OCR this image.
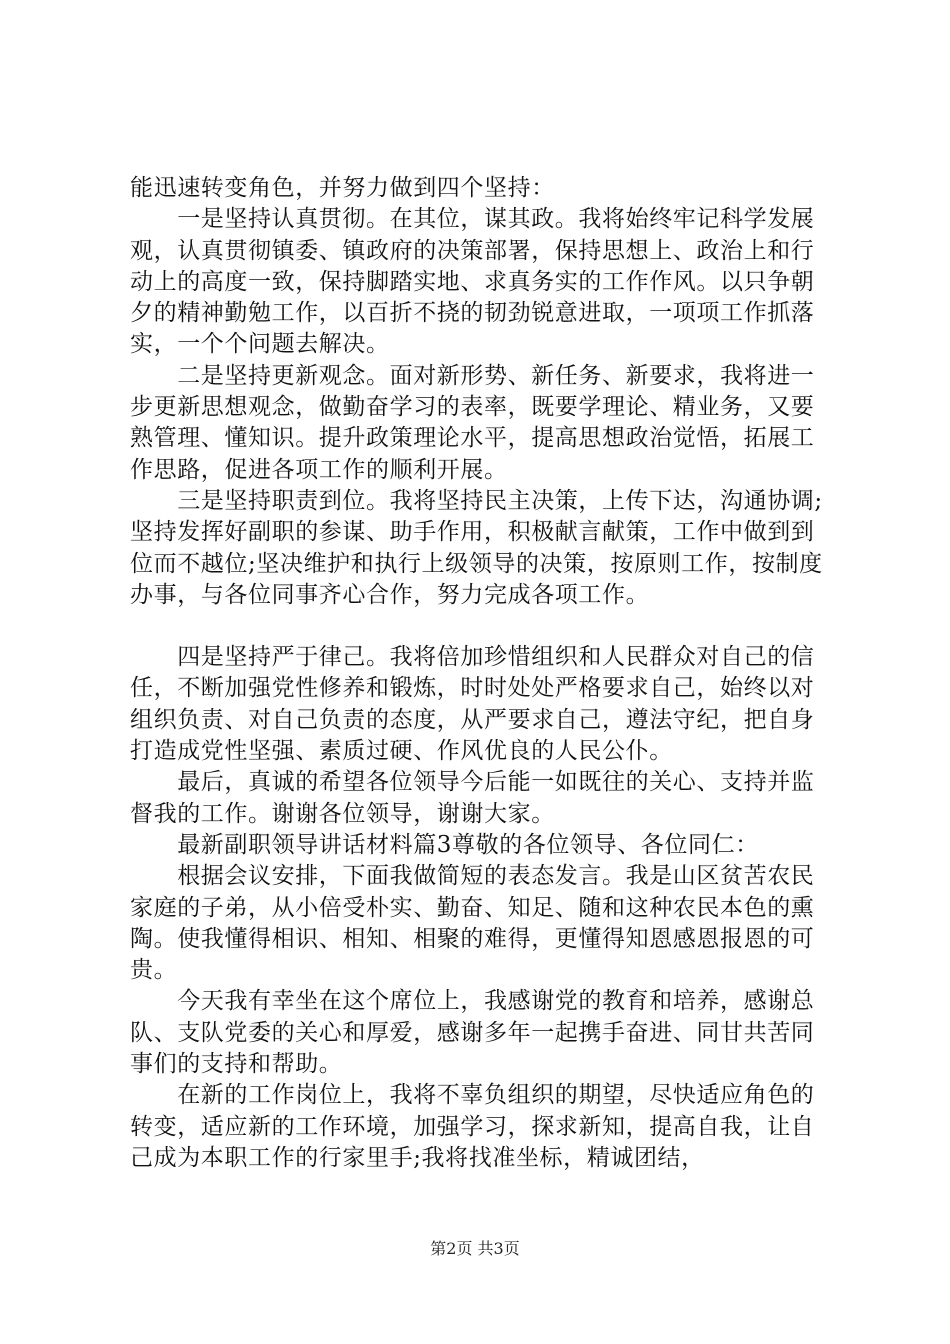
能迅速转变角色，并努力做到四个坚持：

　　一是坚持认真贯彻。在其位，谋其政。我将始终牢记科学发展观，认真贯彻镇委、镇政府的决策部署，保持思想上、政治上和行动上的高度一致，保持脚踏实地、求真务实的工作作风。以只争朝夕的精神勤勉工作，以百折不挠的韧劲锐意进取，一项项工作抓落实，一个个问题去解决。

　　二是坚持更新观念。面对新形势、新任务、新要求，我将进一步更新思想观念，做勤奋学习的表率，既要学理论、精业务，又要熟管理、懂知识。提升政策理论水平，提高思想政治觉悟，拓展工作思路，促进各项工作的顺利开展。

　　三是坚持职责到位。我将坚持民主决策，上传下达，沟通协调;坚持发挥好副职的参谋、助手作用，积极献言献策，工作中做到到位而不越位;坚决维护和执行上级领导的决策，按原则工作，按制度办事，与各位同事齐心合作，努力完成各项工作。

　　四是坚持严于律己。我将倍加珍惜组织和人民群众对自己的信任，不断加强党性修养和锻炼，时时处处严格要求自己，始终以对组织负责、对自己负责的态度，从严要求自己，遵法守纪，把自身打造成党性坚强、素质过硬、作风优良的人民公仆。

　　最后，真诚的希望各位领导今后能一如既往的关心、支持并监督我的工作。谢谢各位领导，谢谢大家。

　　最新副职领导讲话材料篇3尊敬的各位领导、各位同仁：

　　根据会议安排，下面我做简短的表态发言。我是山区贫苦农民家庭的子弟，从小倍受朴实、勤奋、知足、随和这种农民本色的熏陶。使我懂得相识、相知、相聚的难得，更懂得知恩感恩报恩的可贵。

　　今天我有幸坐在这个席位上，我感谢党的教育和培养，感谢总队、支队党委的关心和厚爱，感谢多年一起携手奋进、同甘共苦同事们的支持和帮助。

　　在新的工作岗位上，我将不辜负组织的期望，尽快适应角色的转变，适应新的工作环境，加强学习，探求新知，提高自我，让自己成为本职工作的行家里手;我将找准坐标，精诚团结，

第2页 共3页
